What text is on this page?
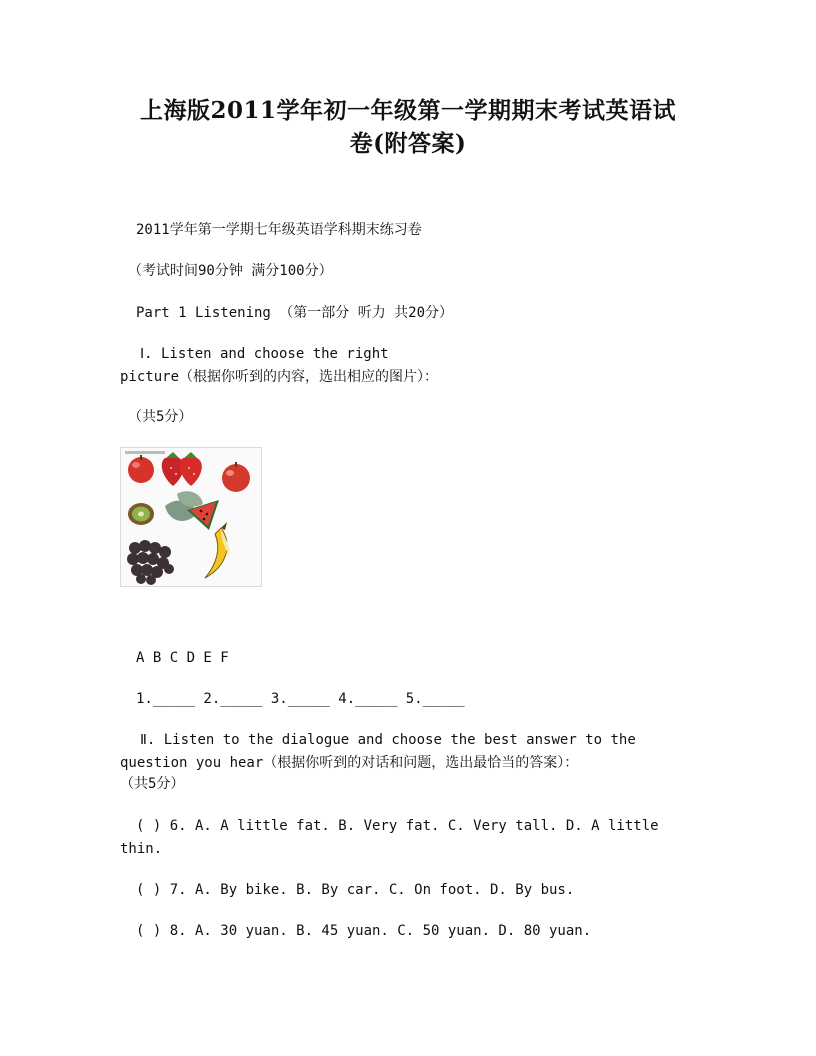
上海版2011学年初一年级第一学期期末考试英语试
卷(附答案)
2011学年第一学期七年级英语学科期末练习卷
（考试时间90分钟 满分100分）
Part 1 Listening （第一部分 听力 共20分）
Ⅰ. Listen and choose the right
picture（根据你听到的内容，选出相应的图片）：
（共5分）
A B C D E F
1._____ 2._____ 3._____ 4._____ 5._____
Ⅱ. Listen to the dialogue and choose the best answer to the
question you hear（根据你听到的对话和问题，选出最恰当的答案）：
（共5分）
( ) 6. A. A little fat. B. Very fat. C. Very tall. D. A little
thin.
( ) 7. A. By bike. B. By car. C. On foot. D. By bus.
( ) 8. A. 30 yuan. B. 45 yuan. C. 50 yuan. D. 80 yuan.
